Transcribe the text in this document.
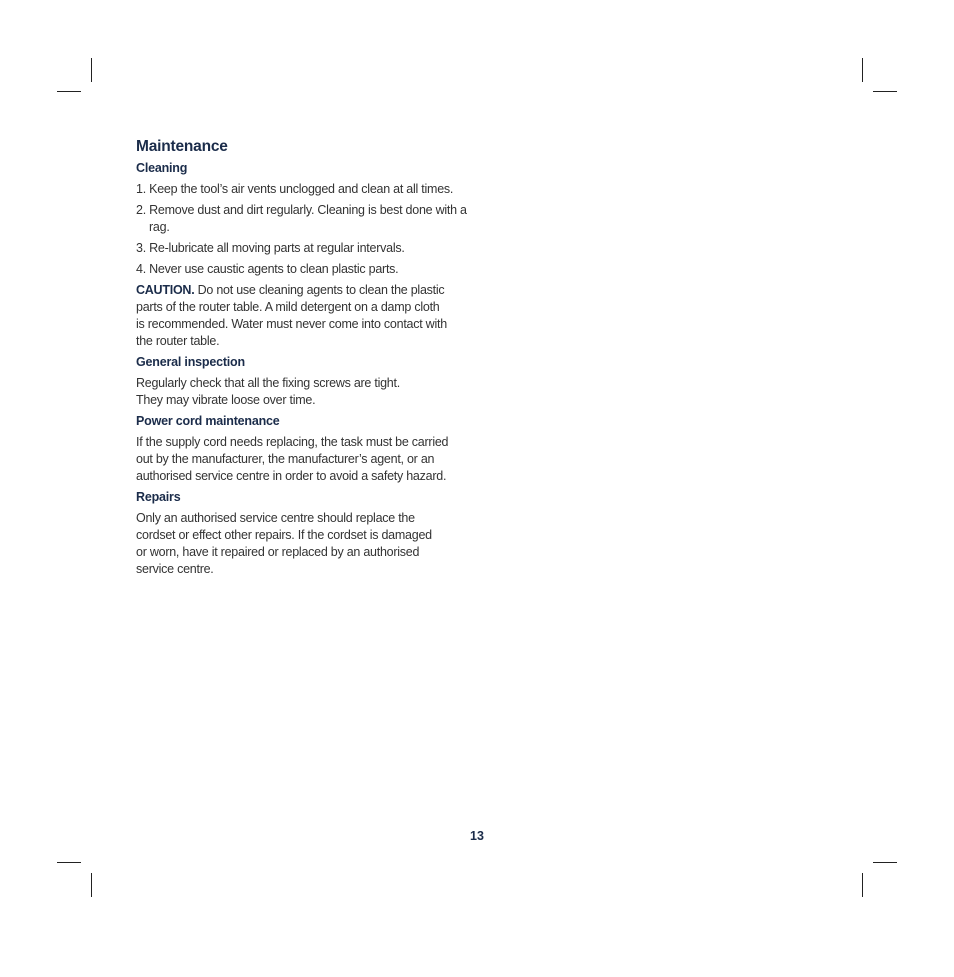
Maintenance
Cleaning
1. Keep the tool’s air vents unclogged and clean at all times.
2. Remove dust and dirt regularly. Cleaning is best done with a rag.
3. Re-lubricate all moving parts at regular intervals.
4. Never use caustic agents to clean plastic parts.

CAUTION. Do not use cleaning agents to clean the plastic
parts of the router table. A mild detergent on a damp cloth
is recommended. Water must never come into contact with
the router table.

General inspection

Regularly check that all the fixing screws are tight.
They may vibrate loose over time.

Power cord maintenance

If the supply cord needs replacing, the task must be carried
out by the manufacturer, the manufacturer’s agent, or an
authorised service centre in order to avoid a safety hazard.

Repairs

Only an authorised service centre should replace the
cordset or effect other repairs. If the cordset is damaged
or worn, have it repaired or replaced by an authorised
service centre.

13
